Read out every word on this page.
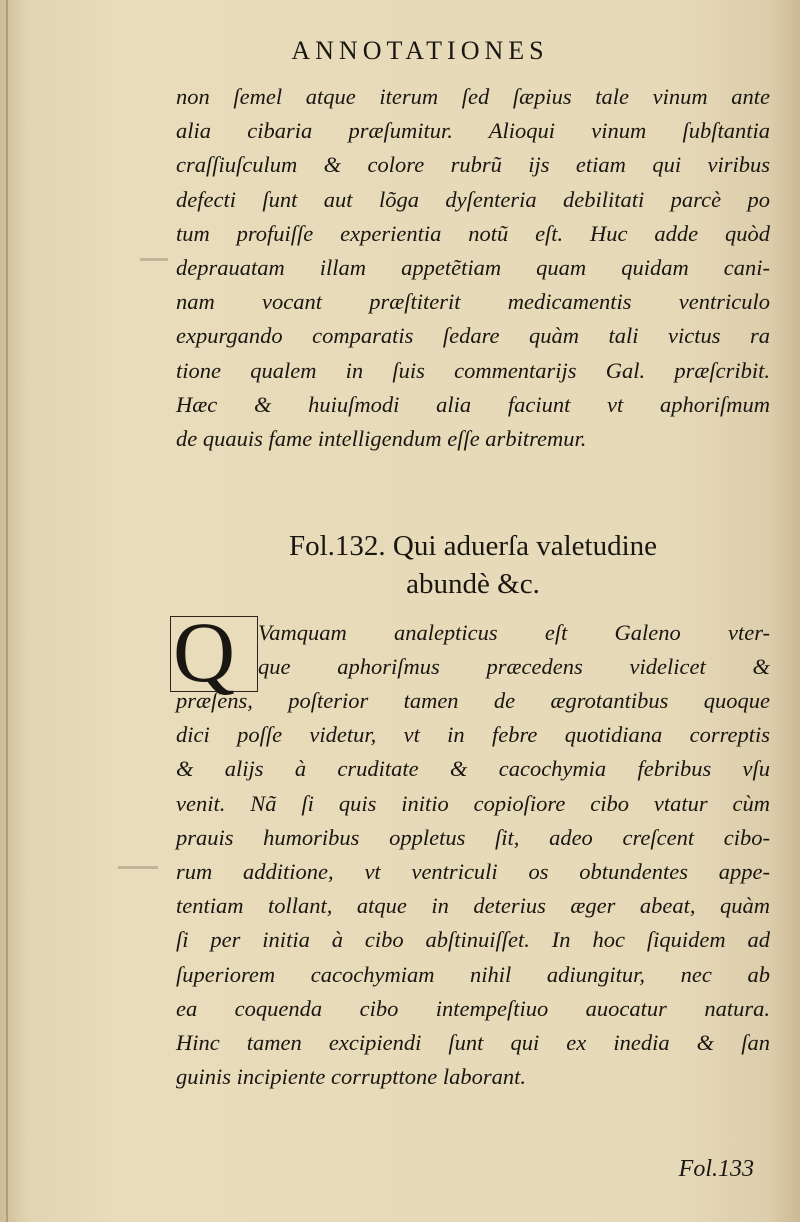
ANNOTATIONES
non ſemel atque iterum ſed ſæpius tale vinum ante
alia cibaria præſumitur. Alioqui vinum ſubſtantia
craſſiuſculum & colore rubrũ ijs etiam qui viribus
defecti ſunt aut lõga dyſenteria debilitati parcè po
tum profuiſſe experientia notũ eſt. Huc adde quòd
deprauatam illam appetẽtiam quam quidam cani-
nam vocant præſtiterit medicamentis ventriculo
expurgando comparatis ſedare quàm tali victus ra
tione qualem in ſuis commentarijs Gal. præſcribit.
Hæc & huiuſmodi alia faciunt vt aphoriſmum
de quauis fame intelligendum eſſe arbitremur.
Fol.132. Qui aduerſa valetudine
abundè &c.
Q Vamquam analepticus eſt Galeno vter-
que aphoriſmus præcedens videlicet &
præſens, poſterior tamen de ægrotantibus quoque
dici poſſe videtur, vt in febre quotidiana correptis
& alijs à cruditate & cacochymia febribus vſu
venit. Nã ſi quis initio copioſiore cibo vtatur cùm
prauis humoribus oppletus ſit, adeo creſcent cibo-
rum additione, vt ventriculi os obtundentes appe-
tentiam tollant, atque in deterius æger abeat, quàm
ſi per initia à cibo abſtinuiſſet. In hoc ſiquidem ad
ſuperiorem cacochymiam nihil adiungitur, nec ab
ea coquenda cibo intempeſtiuo auocatur natura.
Hinc tamen excipiendi ſunt qui ex inedia & ſan
guinis incipiente corrupttone laborant.
Fol.133
